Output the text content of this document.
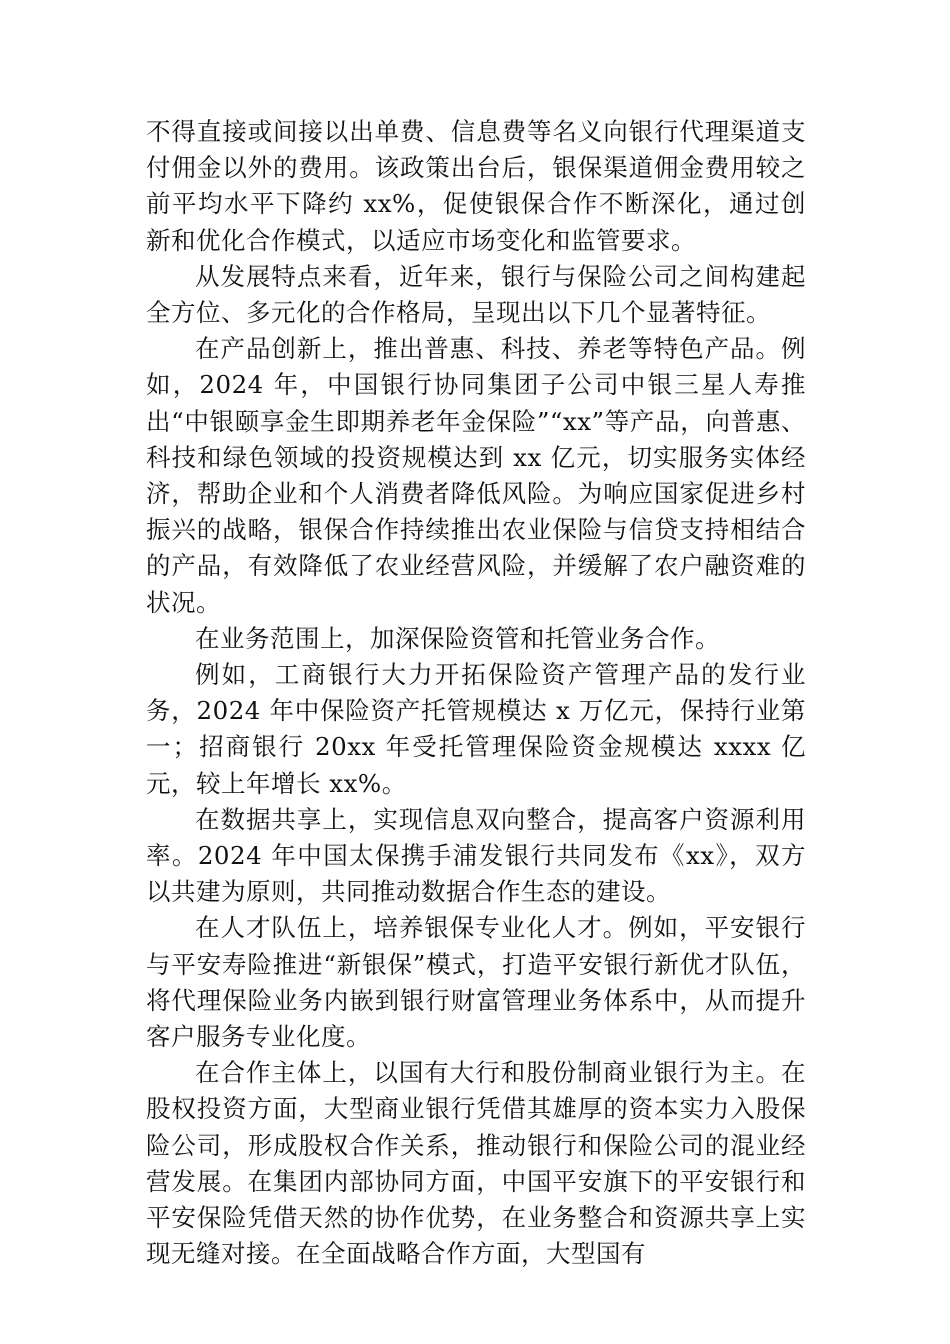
不得直接或间接以出单费、信息费等名义向银行代理渠道支付佣金以外的费用。该政策出台后，银保渠道佣金费用较之前平均水平下降约 xx%，促使银保合作不断深化，通过创新和优化合作模式，以适应市场变化和监管要求。

从发展特点来看，近年来，银行与保险公司之间构建起全方位、多元化的合作格局，呈现出以下几个显著特征。

在产品创新上，推出普惠、科技、养老等特色产品。例如，2024 年，中国银行协同集团子公司中银三星人寿推出“中银颐享金生即期养老年金保险”“xx”等产品，向普惠、科技和绿色领域的投资规模达到 xx 亿元，切实服务实体经济，帮助企业和个人消费者降低风险。为响应国家促进乡村振兴的战略，银保合作持续推出农业保险与信贷支持相结合的产品，有效降低了农业经营风险，并缓解了农户融资难的状况。

在业务范围上，加深保险资管和托管业务合作。

例如，工商银行大力开拓保险资产管理产品的发行业务，2024 年中保险资产托管规模达 x 万亿元，保持行业第一；招商银行 20xx 年受托管理保险资金规模达 xxxx 亿元，较上年增长 xx%。

在数据共享上，实现信息双向整合，提高客户资源利用率。2024 年中国太保携手浦发银行共同发布《xx》，双方以共建为原则，共同推动数据合作生态的建设。

在人才队伍上，培养银保专业化人才。例如，平安银行与平安寿险推进“新银保”模式，打造平安银行新优才队伍，将代理保险业务内嵌到银行财富管理业务体系中，从而提升客户服务专业化度。

在合作主体上，以国有大行和股份制商业银行为主。在股权投资方面，大型商业银行凭借其雄厚的资本实力入股保险公司，形成股权合作关系，推动银行和保险公司的混业经营发展。在集团内部协同方面，中国平安旗下的平安银行和平安保险凭借天然的协作优势，在业务整合和资源共享上实现无缝对接。在全面战略合作方面，大型国有
